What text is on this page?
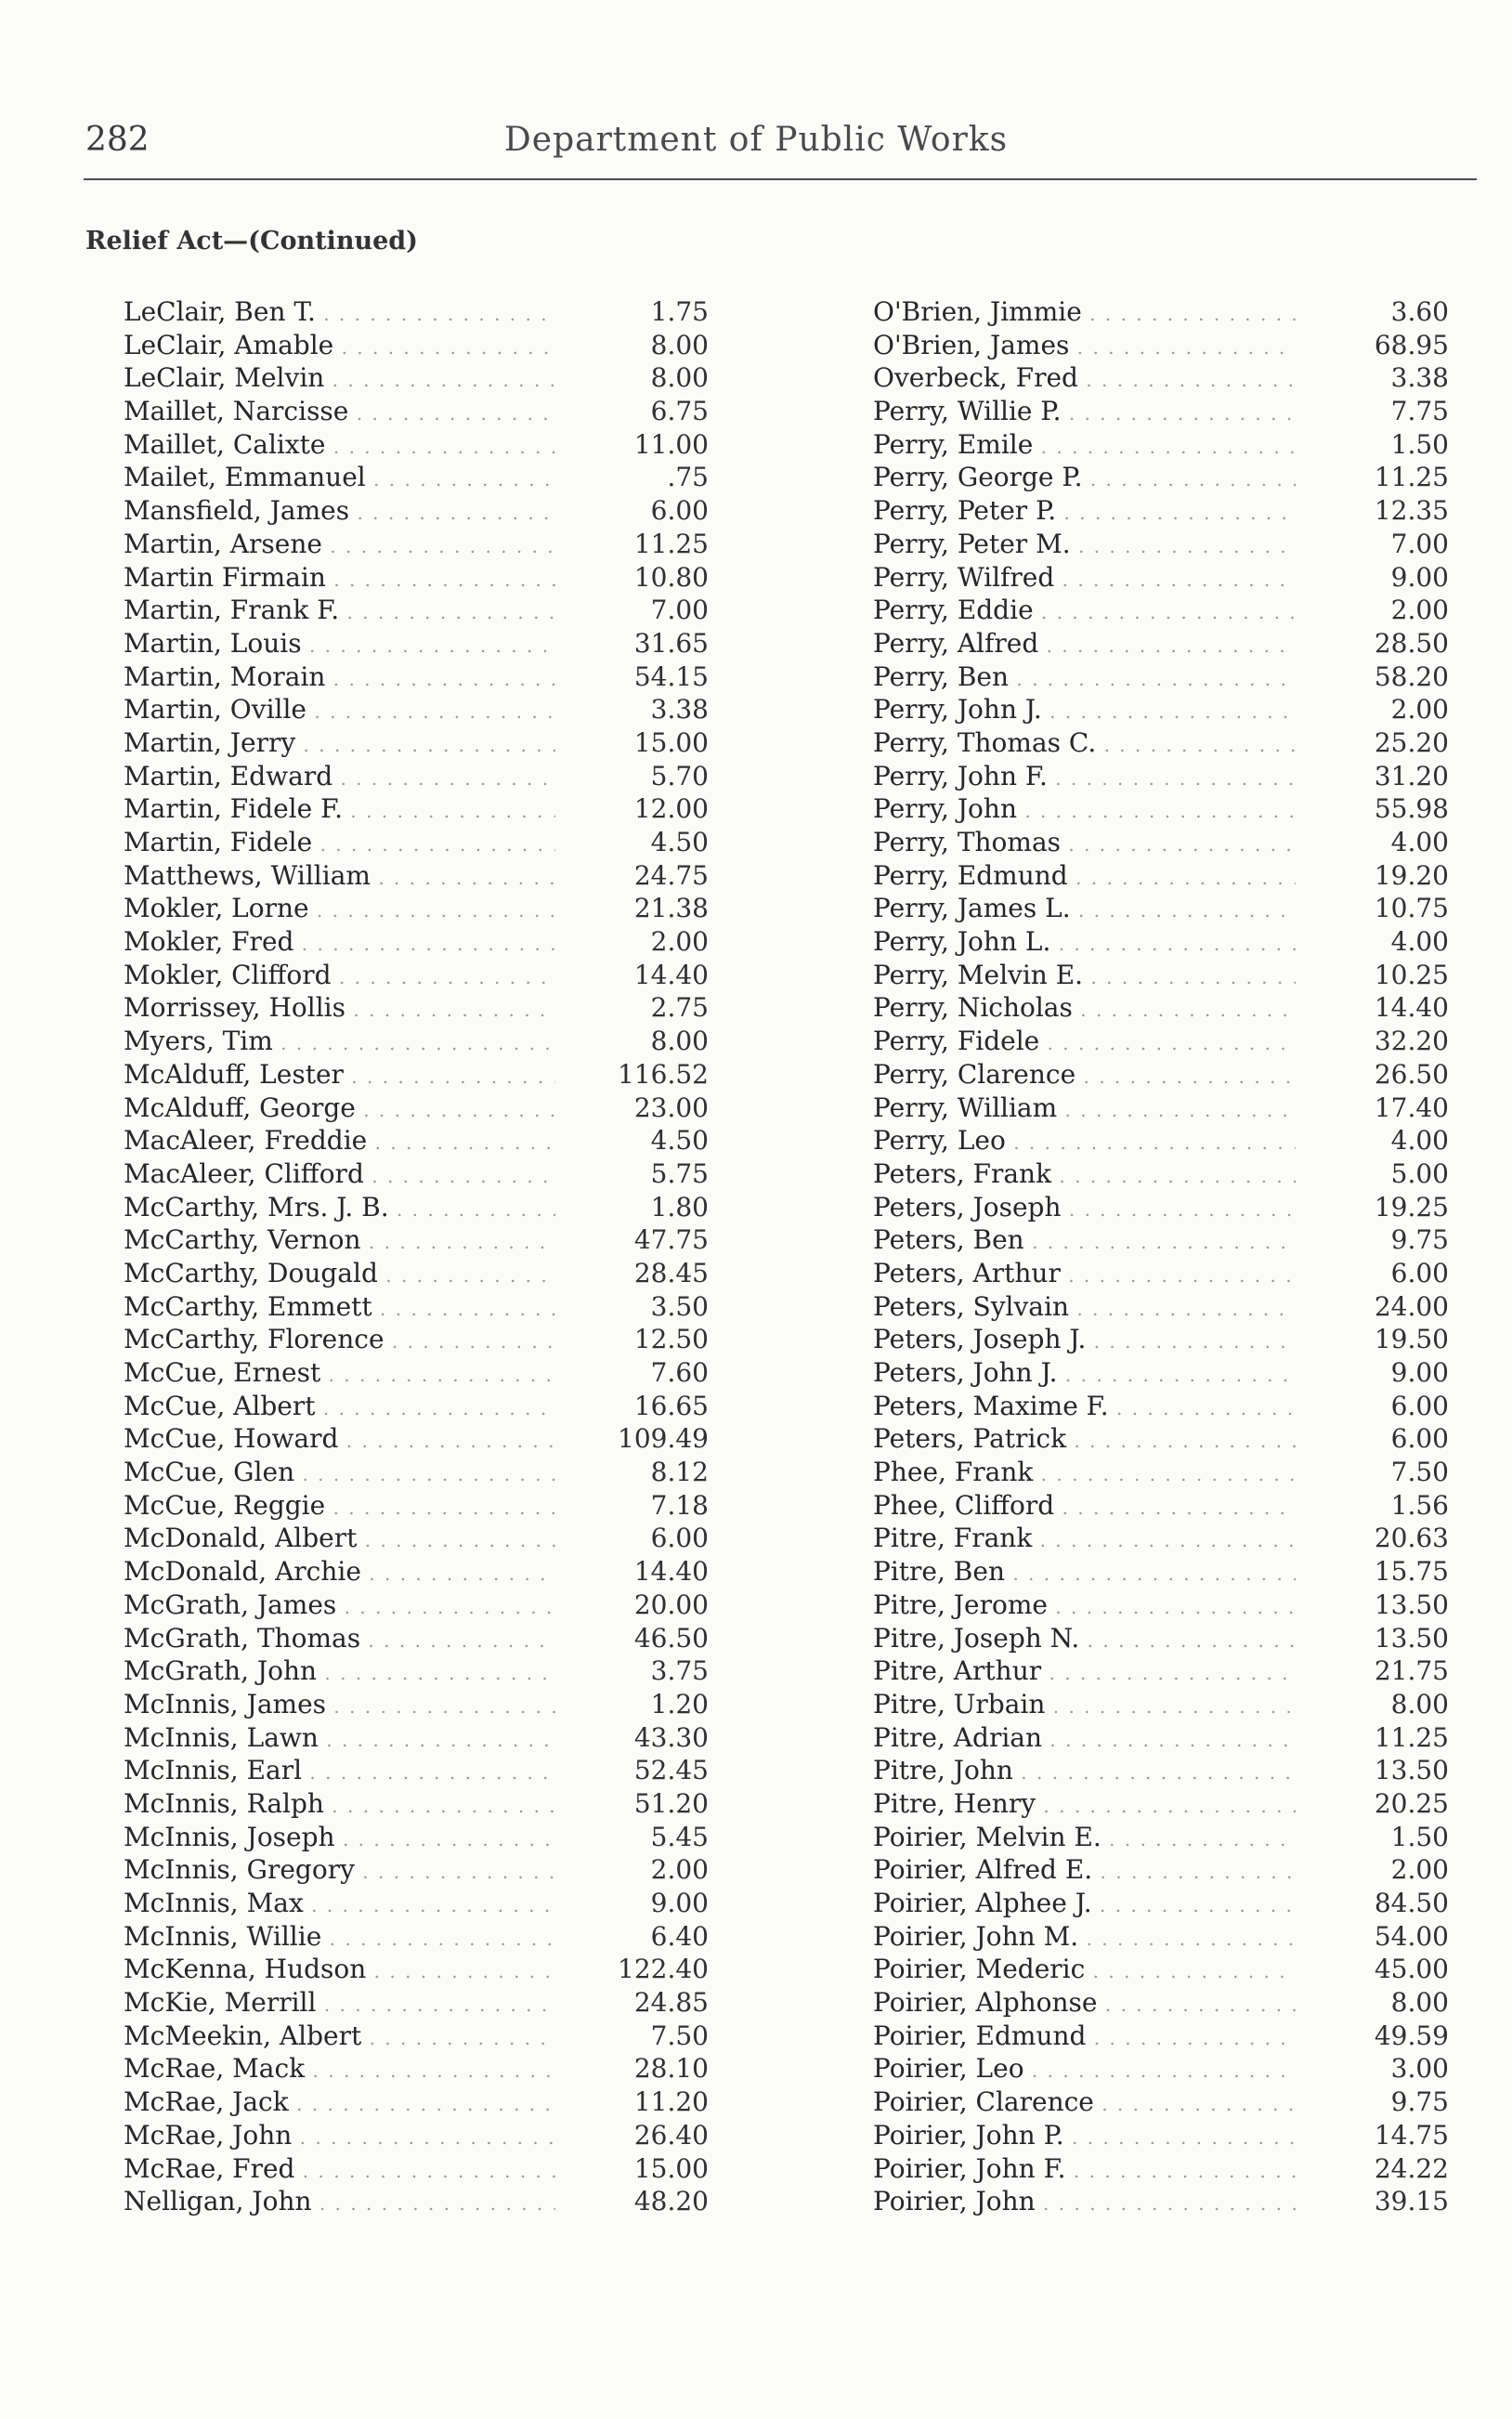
282	Department of Public Works
Relief Act—(Continued)
LeClair, Ben T. . . .	1.75
LeClair, Amable . . .	8.00
LeClair, Melvin . . .	8.00
Maillet, Narcisse . . .	6.75
Maillet, Calixte . . .	11.00
Mailet, Emmanuel . . .	.75
Mansfield, James . . .	6.00
Martin, Arsene . . .	11.25
Martin Firmain . . .	10.80
Martin, Frank F. . . .	7.00
Martin, Louis . . .	31.65
Martin, Morain . . .	54.15
Martin, Oville . . .	3.38
Martin, Jerry . . .	15.00
Martin, Edward . . .	5.70
Martin, Fidele F. . . .	12.00
Martin, Fidele . . .	4.50
Matthews, William . . .	24.75
Mokler, Lorne . . .	21.38
Mokler, Fred . . .	2.00
Mokler, Clifford . . .	14.40
Morrissey, Hollis . . .	2.75
Myers, Tim . . .	8.00
McAlduff, Lester . . .	116.52
McAlduff, George . . .	23.00
MacAleer, Freddie . . .	4.50
MacAleer, Clifford . . .	5.75
McCarthy, Mrs. J. B. . . .	1.80
McCarthy, Vernon . . .	47.75
McCarthy, Dougald . . .	28.45
McCarthy, Emmett . . .	3.50
McCarthy, Florence . . .	12.50
McCue, Ernest . . .	7.60
McCue, Albert . . .	16.65
McCue, Howard . . .	109.49
McCue, Glen . . .	8.12
McCue, Reggie . . .	7.18
McDonald, Albert . . .	6.00
McDonald, Archie . . .	14.40
McGrath, James . . .	20.00
McGrath, Thomas . . .	46.50
McGrath, John . . .	3.75
McInnis, James . . .	1.20
McInnis, Lawn . . .	43.30
McInnis, Earl . . .	52.45
McInnis, Ralph . . .	51.20
McInnis, Joseph . . .	5.45
McInnis, Gregory . . .	2.00
McInnis, Max . . .	9.00
McInnis, Willie . . .	6.40
McKenna, Hudson . . .	122.40
McKie, Merrill . . .	24.85
McMeekin, Albert . . .	7.50
McRae, Mack . . .	28.10
McRae, Jack . . .	11.20
McRae, John . . .	26.40
McRae, Fred . . .	15.00
Nelligan, John . . .	48.20
O'Brien, Jimmie . . .	3.60
O'Brien, James . . .	68.95
Overbeck, Fred . . .	3.38
Perry, Willie P. . . .	7.75
Perry, Emile . . .	1.50
Perry, George P. . . .	11.25
Perry, Peter P. . . .	12.35
Perry, Peter M. . . .	7.00
Perry, Wilfred . . .	9.00
Perry, Eddie . . .	2.00
Perry, Alfred . . .	28.50
Perry, Ben . . .	58.20
Perry, John J. . . .	2.00
Perry, Thomas C. . . .	25.20
Perry, John F. . . .	31.20
Perry, John . . .	55.98
Perry, Thomas . . .	4.00
Perry, Edmund . . .	19.20
Perry, James L. . . .	10.75
Perry, John L. . . .	4.00
Perry, Melvin E. . . .	10.25
Perry, Nicholas . . .	14.40
Perry, Fidele . . .	32.20
Perry, Clarence . . .	26.50
Perry, William . . .	17.40
Perry, Leo . . .	4.00
Peters, Frank . . .	5.00
Peters, Joseph . . .	19.25
Peters, Ben . . .	9.75
Peters, Arthur . . .	6.00
Peters, Sylvain . . .	24.00
Peters, Joseph J. . . .	19.50
Peters, John J. . . .	9.00
Peters, Maxime F. . . .	6.00
Peters, Patrick . . .	6.00
Phee, Frank . . .	7.50
Phee, Clifford . . .	1.56
Pitre, Frank . . .	20.63
Pitre, Ben . . .	15.75
Pitre, Jerome . . .	13.50
Pitre, Joseph N. . . .	13.50
Pitre, Arthur . . .	21.75
Pitre, Urbain . . .	8.00
Pitre, Adrian . . .	11.25
Pitre, John . . .	13.50
Pitre, Henry . . .	20.25
Poirier, Melvin E. . . .	1.50
Poirier, Alfred E. . . .	2.00
Poirier, Alphee J. . . .	84.50
Poirier, John M. . . .	54.00
Poirier, Mederic . . .	45.00
Poirier, Alphonse . . .	8.00
Poirier, Edmund . . .	49.59
Poirier, Leo . . .	3.00
Poirier, Clarence . . .	9.75
Poirier, John P. . . .	14.75
Poirier, John F. . . .	24.22
Poirier, John . . .	39.15
